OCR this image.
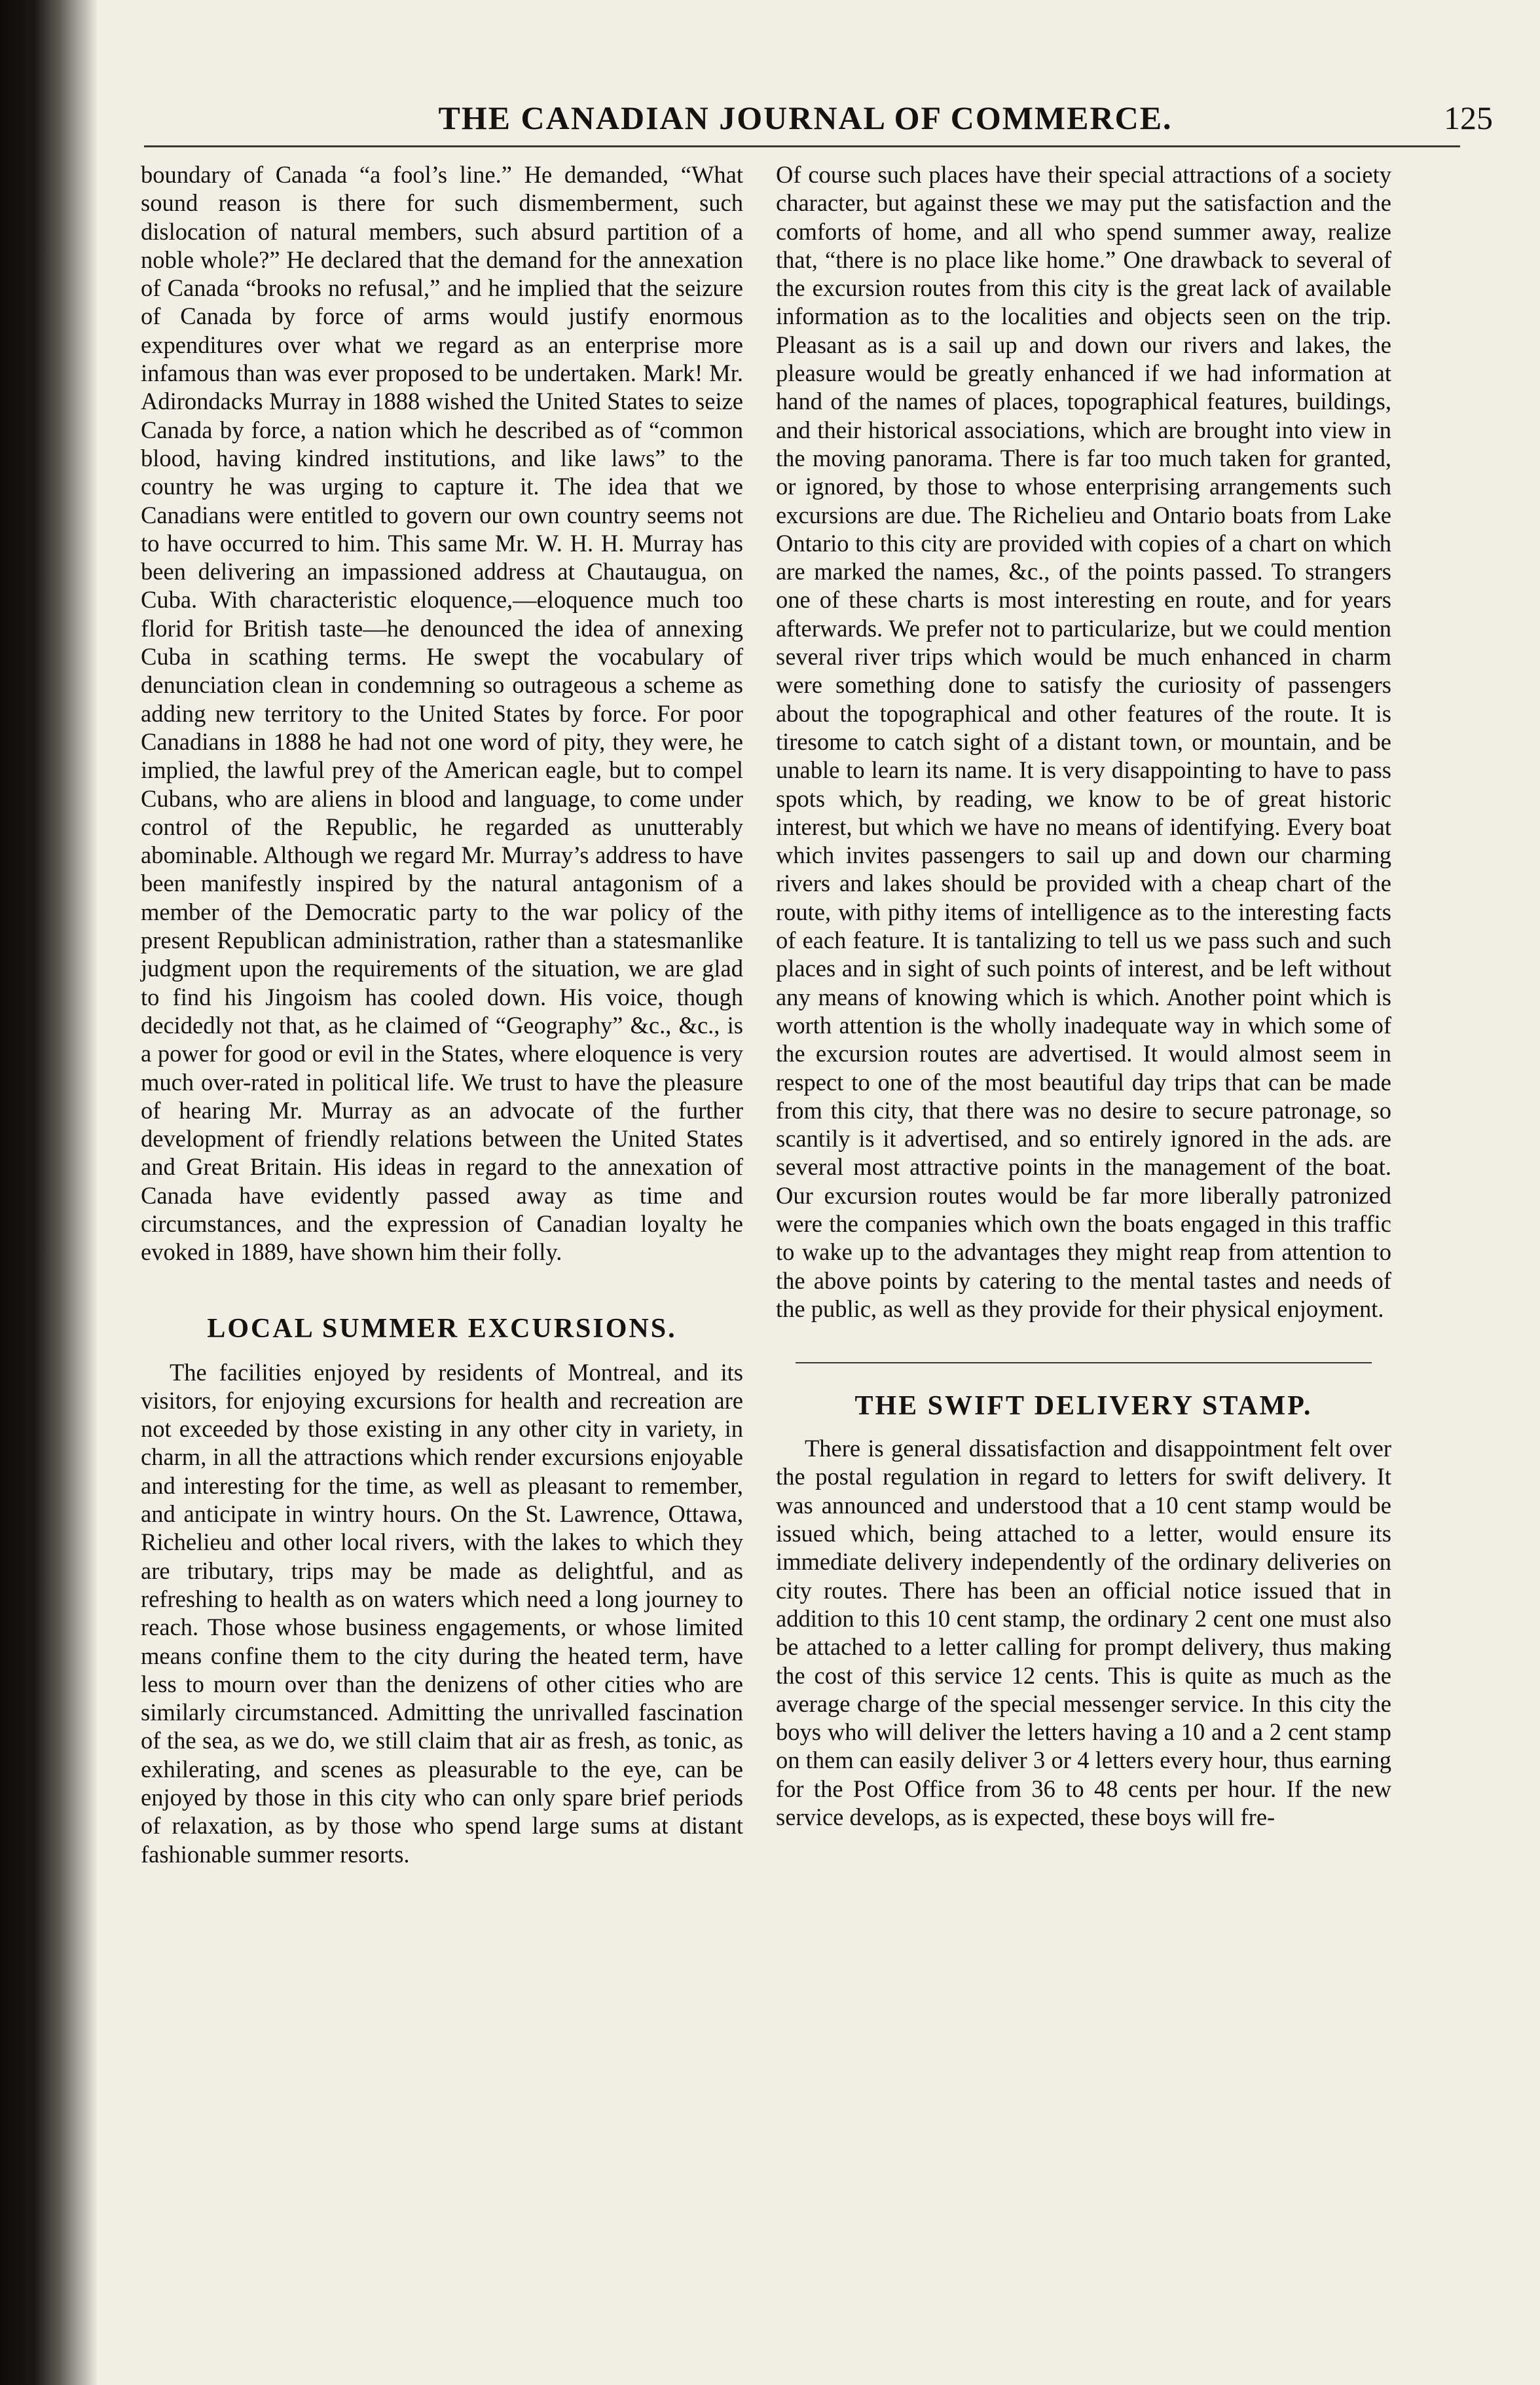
THE CANADIAN JOURNAL OF COMMERCE.	125

boundary of Canada “a fool’s line.” He demanded, “What sound reason is there for such dismemberment, such dislocation of natural members, such absurd partition of a noble whole?” He declared that the demand for the annexation of Canada “brooks no refusal,” and he implied that the seizure of Canada by force of arms would justify enormous expenditures over what we regard as an enterprise more infamous than was ever proposed to be undertaken. Mark! Mr. Adirondacks Murray in 1888 wished the United States to seize Canada by force, a nation which he described as of “common blood, having kindred institutions, and like laws” to the country he was urging to capture it. The idea that we Canadians were entitled to govern our own country seems not to have occurred to him. This same Mr. W. H. H. Murray has been delivering an impassioned address at Chautaugua, on Cuba. With characteristic eloquence,—eloquence much too florid for British taste—he denounced the idea of annexing Cuba in scathing terms. He swept the vocabulary of denunciation clean in condemning so outrageous a scheme as adding new territory to the United States by force. For poor Canadians in 1888 he had not one word of pity, they were, he implied, the lawful prey of the American eagle, but to compel Cubans, who are aliens in blood and language, to come under control of the Republic, he regarded as unutterably abominable. Although we regard Mr. Murray’s address to have been manifestly inspired by the natural antagonism of a member of the Democratic party to the war policy of the present Republican administration, rather than a statesmanlike judgment upon the requirements of the situation, we are glad to find his Jingoism has cooled down. His voice, though decidedly not that, as he claimed of “Geography” &c., &c., is a power for good or evil in the States, where eloquence is very much over-rated in political life. We trust to have the pleasure of hearing Mr. Murray as an advocate of the further development of friendly relations between the United States and Great Britain. His ideas in regard to the annexation of Canada have evidently passed away as time and circumstances, and the expression of Canadian loyalty he evoked in 1889, have shown him their folly.

LOCAL SUMMER EXCURSIONS.

The facilities enjoyed by residents of Montreal, and its visitors, for enjoying excursions for health and recreation are not exceeded by those existing in any other city in variety, in charm, in all the attractions which render excursions enjoyable and interesting for the time, as well as pleasant to remember, and anticipate in wintry hours. On the St. Lawrence, Ottawa, Richelieu and other local rivers, with the lakes to which they are tributary, trips may be made as delightful, and as refreshing to health as on waters which need a long journey to reach. Those whose business engagements, or whose limited means confine them to the city during the heated term, have less to mourn over than the denizens of other cities who are similarly circumstanced. Admitting the unrivalled fascination of the sea, as we do, we still claim that air as fresh, as tonic, as exhilerating, and scenes as pleasurable to the eye, can be enjoyed by those in this city who can only spare brief periods of relaxation, as by those who spend large sums at distant fashionable summer resorts.

Of course such places have their special attractions of a society character, but against these we may put the satisfaction and the comforts of home, and all who spend summer away, realize that, “there is no place like home.” One drawback to several of the excursion routes from this city is the great lack of available information as to the localities and objects seen on the trip. Pleasant as is a sail up and down our rivers and lakes, the pleasure would be greatly enhanced if we had information at hand of the names of places, topographical features, buildings, and their historical associations, which are brought into view in the moving panorama. There is far too much taken for granted, or ignored, by those to whose enterprising arrangements such excursions are due. The Richelieu and Ontario boats from Lake Ontario to this city are provided with copies of a chart on which are marked the names, &c., of the points passed. To strangers one of these charts is most interesting en route, and for years afterwards. We prefer not to particularize, but we could mention several river trips which would be much enhanced in charm were something done to satisfy the curiosity of passengers about the topographical and other features of the route. It is tiresome to catch sight of a distant town, or mountain, and be unable to learn its name. It is very disappointing to have to pass spots which, by reading, we know to be of great historic interest, but which we have no means of identifying. Every boat which invites passengers to sail up and down our charming rivers and lakes should be provided with a cheap chart of the route, with pithy items of intelligence as to the interesting facts of each feature. It is tantalizing to tell us we pass such and such places and in sight of such points of interest, and be left without any means of knowing which is which. Another point which is worth attention is the wholly inadequate way in which some of the excursion routes are advertised. It would almost seem in respect to one of the most beautiful day trips that can be made from this city, that there was no desire to secure patronage, so scantily is it advertised, and so entirely ignored in the ads. are several most attractive points in the management of the boat. Our excursion routes would be far more liberally patronized were the companies which own the boats engaged in this traffic to wake up to the advantages they might reap from attention to the above points by catering to the mental tastes and needs of the public, as well as they provide for their physical enjoyment.

THE SWIFT DELIVERY STAMP.

There is general dissatisfaction and disappointment felt over the postal regulation in regard to letters for swift delivery. It was announced and understood that a 10 cent stamp would be issued which, being attached to a letter, would ensure its immediate delivery independently of the ordinary deliveries on city routes. There has been an official notice issued that in addition to this 10 cent stamp, the ordinary 2 cent one must also be attached to a letter calling for prompt delivery, thus making the cost of this service 12 cents. This is quite as much as the average charge of the special messenger service. In this city the boys who will deliver the letters having a 10 and a 2 cent stamp on them can easily deliver 3 or 4 letters every hour, thus earning for the Post Office from 36 to 48 cents per hour. If the new service develops, as is expected, these boys will fre-
